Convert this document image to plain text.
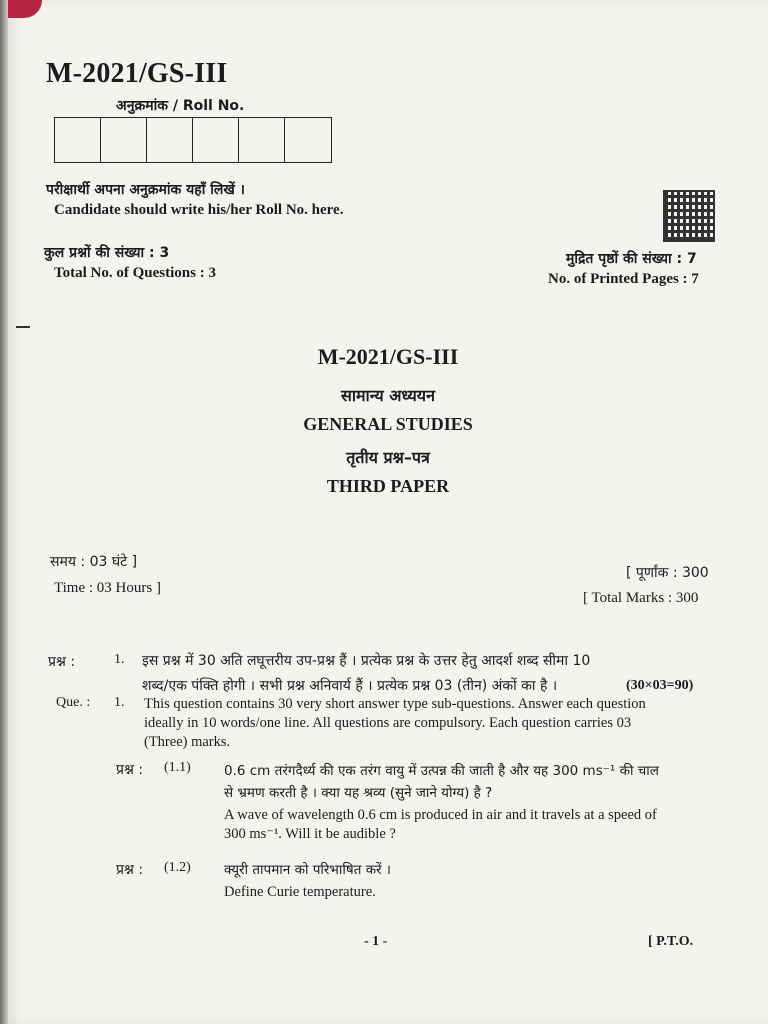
M-2021/GS-III
अनुक्रमांक / Roll No.
परीक्षार्थी अपना अनुक्रमांक यहाँ लिखें ।
Candidate should write his/her Roll No. here.
कुल प्रश्नों की संख्या : 3
Total No. of Questions : 3
मुद्रित पृष्ठों की संख्या : 7
No. of Printed Pages : 7
M-2021/GS-III
सामान्य अध्ययन
GENERAL STUDIES
तृतीय प्रश्न–पत्र
THIRD PAPER
समय : 03 घंटे ]
Time : 03 Hours ]
[ पूर्णांक : 300
[ Total Marks : 300
प्रश्न :	1. इस प्रश्न में 30 अति लघूत्तरीय उप-प्रश्न हैं । प्रत्येक प्रश्न के उत्तर हेतु आदर्श शब्द सीमा 10
शब्द/एक पंक्ति होगी । सभी प्रश्न अनिवार्य हैं । प्रत्येक प्रश्न 03 (तीन) अंकों का है ।	(30×03=90)
Que. : 1. This question contains 30 very short answer type sub-questions. Answer each question ideally in 10 words/one line. All questions are compulsory. Each question carries 03 (Three) marks.
प्रश्न : (1.1) 0.6 cm तरंगदैर्ध्य की एक तरंग वायु में उत्पन्न की जाती है और यह 300 ms⁻¹ की चाल से भ्रमण करती है । क्या यह श्रव्य (सुने जाने योग्य) है ?
A wave of wavelength 0.6 cm is produced in air and it travels at a speed of 300 ms⁻¹. Will it be audible ?
प्रश्न : (1.2) क्यूरी तापमान को परिभाषित करें ।
Define Curie temperature.
- 1 -	[ P.T.O.
